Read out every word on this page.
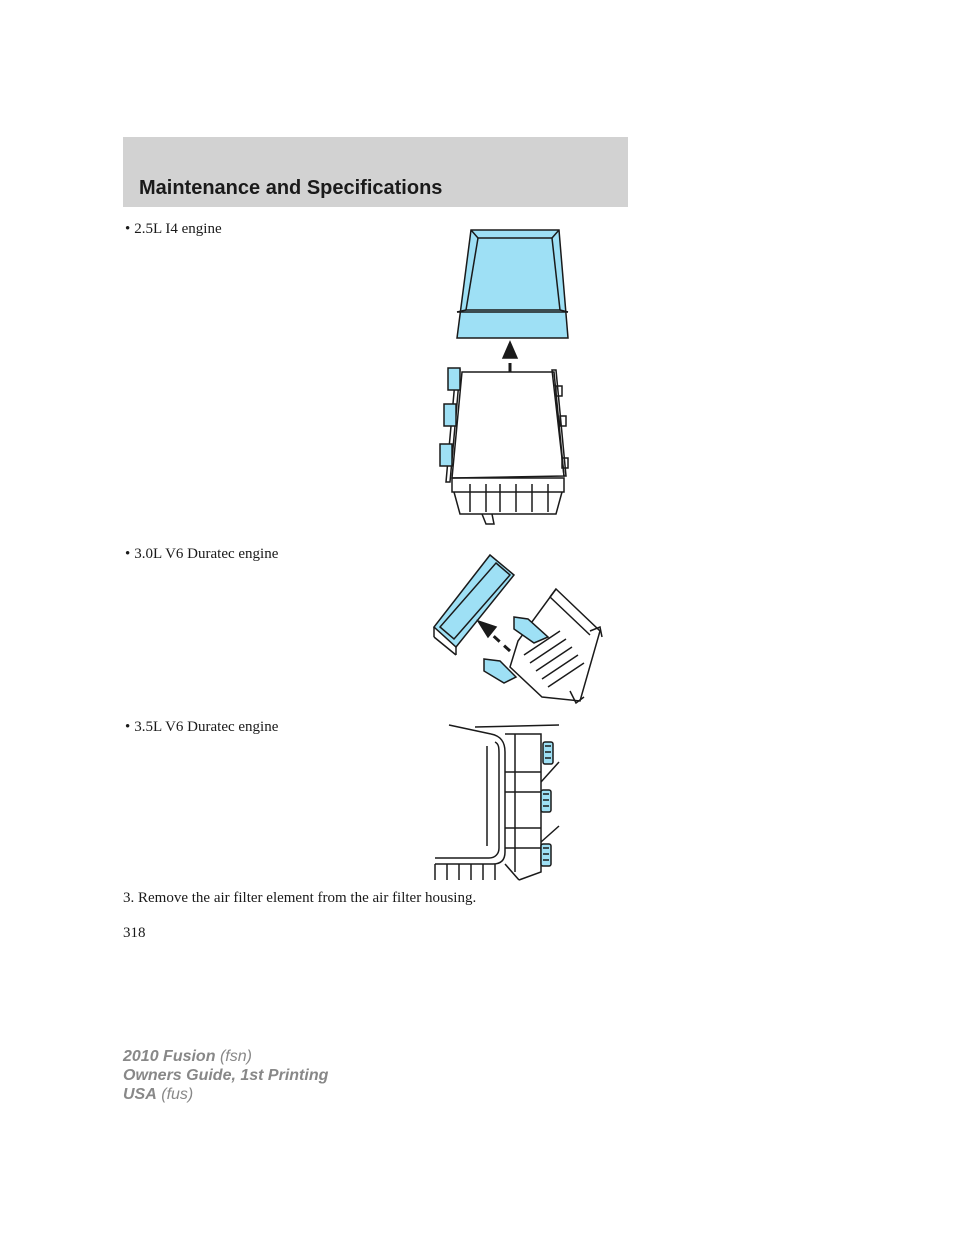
Maintenance and Specifications
• 2.5L I4 engine
• 3.0L V6 Duratec engine
• 3.5L V6 Duratec engine

3. Remove the air filter element from the air filter housing.

318
2010 Fusion (fsn)
Owners Guide, 1st Printing
USA (fus)
